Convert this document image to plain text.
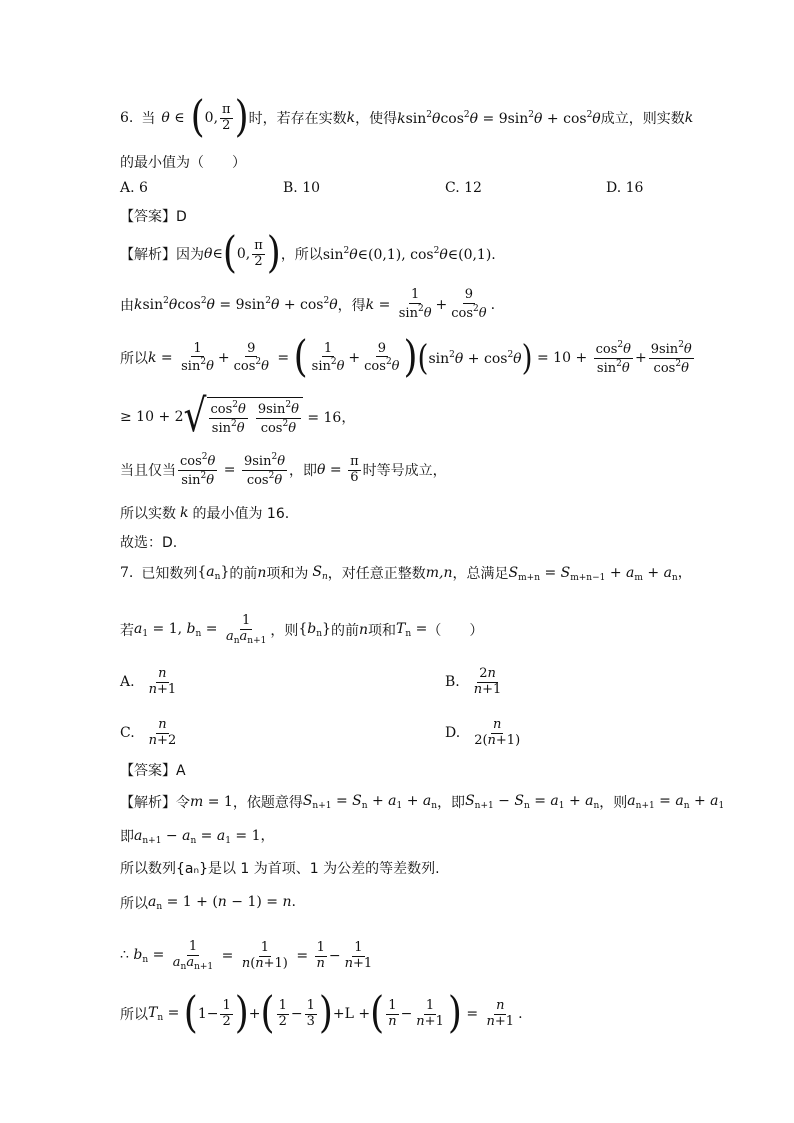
6. 当 θ ∈ ( 0,
π
2 ) 时，若存在实数 k ，使得 $ksin^2\theta\cos^2\theta = 9\sin^2\theta + \cos^2\theta$ 成立，则实数 k
的最小值为（　　）
A. 6	B. 10	C. 12	D. 16
【答案】D
【解析】因为 θ ∈ ( 0,
π
2 ) ，所以 $\sin^2\theta\in(0,1)$, $\cos^2\theta\in(0,1)$.
由 $ksin^2\theta\cos^2\theta = 9\sin^2\theta + \cos^2\theta$ ，得 $k = \frac{1}{\sin^2\theta} + \frac{9}{\cos^2\theta}$ .
所以 $k = \frac{1}{\sin^2\theta} + \frac{9}{\cos^2\theta}$ = ( 1
$\sin^2\theta$
+ $\frac{9}{\cos^2\theta}$ ) ( $\sin^2\theta + \cos^2\theta$ ) = $10 + \frac{\cos^2\theta}{\sin^2\theta} + \frac{9\sin^2\theta}{\cos^2\theta}$
≥ 10 + 2 √ $\cos^2\theta$
$\sin^2\theta$
$9\sin^2\theta$
$\cos^2\theta$
= 16，
当且仅当 $\frac{\cos^2\theta}{\sin^2\theta} = \frac{9\sin^2\theta}{\cos^2\theta}$ ，即 $\theta = \frac{\pi}{6}$ 时等号成立，
所以实数 k 的最小值为 16.
故选：D.
7. 已知数列 $\{a_n\}$ 的前 n 项和为 $S_n$ ，对任意正整数 m,n ，总满足 $S_{m+n} = S_{m+n-1} + a_m + a_n$，
若 $a_1 = 1$, $b_n$ =
1
$a_na_{n+1}$
，则 $\{b_n\}$ 的前 n 项和 $T_n$ = （　　）
A.
n
n+1	B.
2n
n+1
C.
n
n+2	D.
n
2(n+1)
【答案】A
【解析】令 m = 1 ，依题意得 $S_{n+1} = S_n + a_1 + a_n$ ，即 $S_{n+1} - S_n = a_1 + a_n$ ，则 $a_{n+1} = a_n + a_1$
即 $a_{n+1} - a_n = a_1 = 1$，
所以数列{aₙ}是以 1 为首项、1 为公差的等差数列.
所以 $a_n = 1 + (n - 1) = n$.
∴ $b_n$ =
1
$a_na_{n+1}$
= $\frac{1}{n(n+1)} = \frac{1}{n} - \frac{1}{n+1}$
所以 $T_n$ = ( $1- \frac{1}{2}$ ) + ( 1
$2 - \frac{1}{3}$ ) +L + ( 1
$n - \frac{1}{n+1}$ ) = $\frac{n}{n+1}$ .
